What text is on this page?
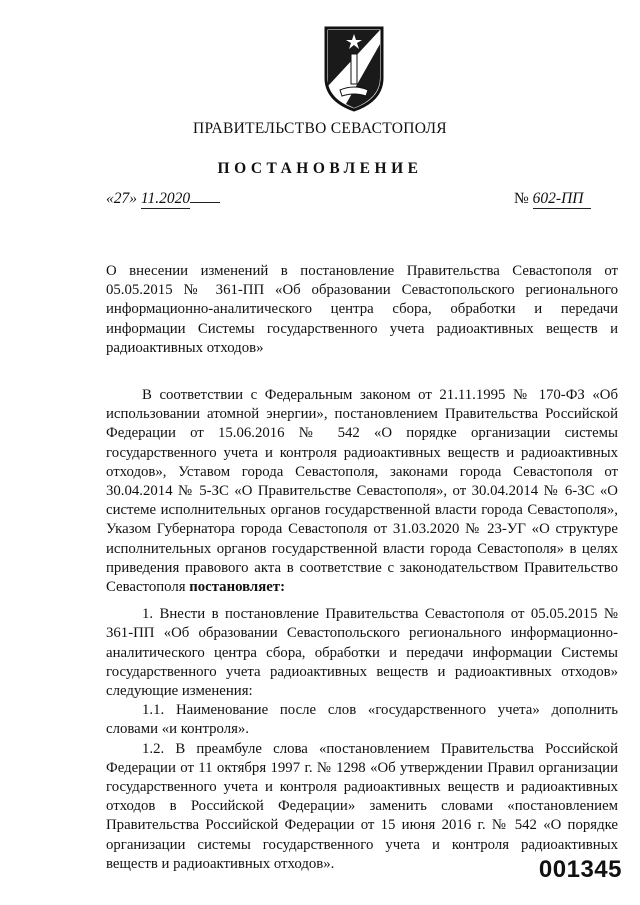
ПРАВИТЕЛЬСТВО СЕВАСТОПОЛЯ
ПОСТАНОВЛЕНИЕ
«27» 11.2020	№ 602-ПП
О внесении изменений в постановление Правительства Севастополя от 05.05.2015 № 361-ПП «Об образовании Севастопольского регионального информационно-аналитического центра сбора, обработки и передачи информации Системы государственного учета радиоактивных веществ и радиоактивных отходов»

В соответствии с Федеральным законом от 21.11.1995 № 170-ФЗ «Об использовании атомной энергии», постановлением Правительства Российской Федерации от 15.06.2016 № 542 «О порядке организации системы государственного учета и контроля радиоактивных веществ и радиоактивных отходов», Уставом города Севастополя, законами города Севастополя от 30.04.2014 № 5-ЗС «О Правительстве Севастополя», от 30.04.2014 № 6-ЗС «О системе исполнительных органов государственной власти города Севастополя», Указом Губернатора города Севастополя от 31.03.2020 № 23-УГ «О структуре исполнительных органов государственной власти города Севастополя» в целях приведения правового акта в соответствие с законодательством Правительство Севастополя постановляет:

1. Внести в постановление Правительства Севастополя от 05.05.2015 № 361-ПП «Об образовании Севастопольского регионального информационно-аналитического центра сбора, обработки и передачи информации Системы государственного учета радиоактивных веществ и радиоактивных отходов» следующие изменения:

1.1. Наименование после слов «государственного учета» дополнить словами «и контроля».

1.2. В преамбуле слова «постановлением Правительства Российской Федерации от 11 октября 1997 г. № 1298 «Об утверждении Правил организации государственного учета и контроля радиоактивных веществ и радиоактивных отходов в Российской Федерации» заменить словами «постановлением Правительства Российской Федерации от 15 июня 2016 г. № 542 «О порядке организации системы государственного учета и контроля радиоактивных веществ и радиоактивных отходов».	001345
